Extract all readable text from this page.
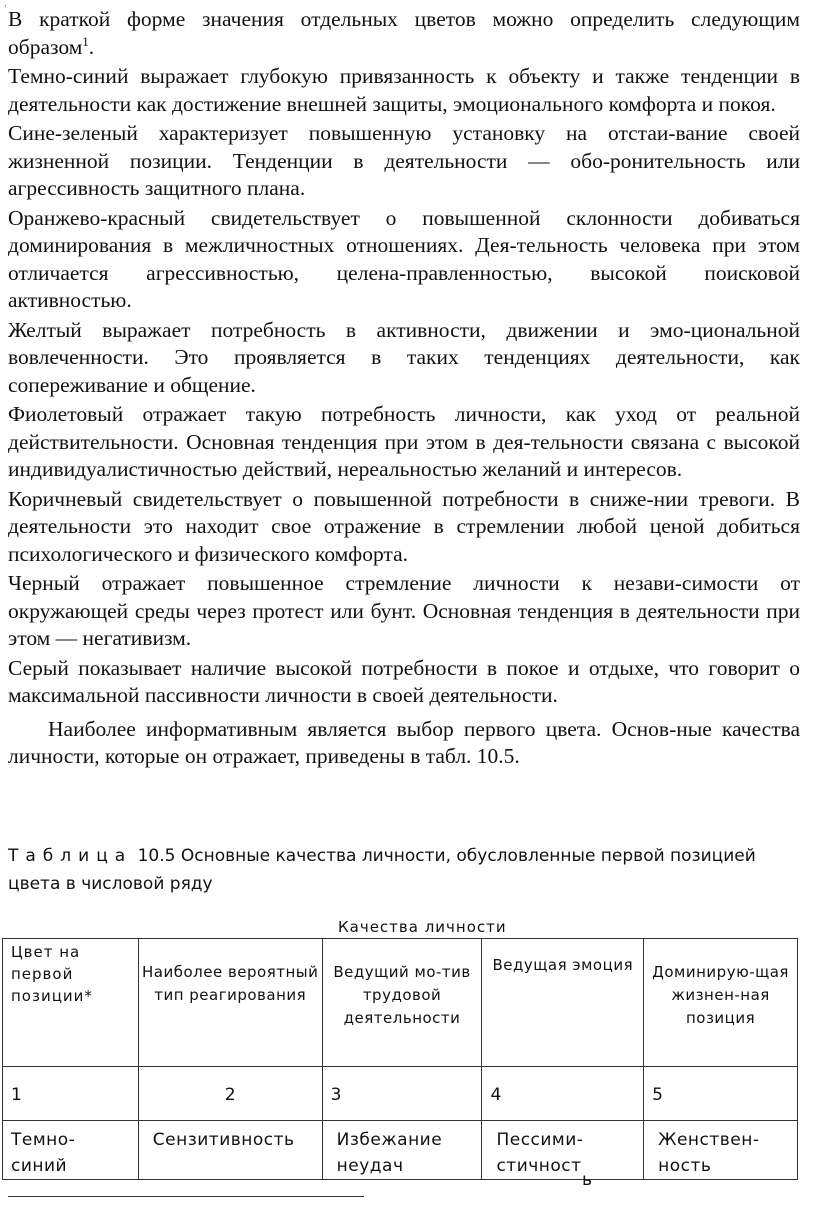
· В краткой форме значения отдельных цветов можно определить следующим образом$^1$.

Темно-синий выражает глубокую привязанность к объекту и также тенденции в деятельности как достижение внешней защиты, эмоционального комфорта и покоя.

Сине-зеленый характеризует повышенную установку на отстаи-вание своей жизненной позиции. Тенденции в деятельности — обо-ронительность или агрессивность защитного плана.

Оранжево-красный свидетельствует о повышенной склонности добиваться доминирования в межличностных отношениях. Дея-тельность человека при этом отличается агрессивностью, целена-правленностью, высокой поисковой активностью.

Желтый выражает потребность в активности, движении и эмо-циональной вовлеченности. Это проявляется в таких тенденциях деятельности, как сопереживание и общение.

Фиолетовый отражает такую потребность личности, как уход от реальной действительности. Основная тенденция при этом в дея-тельности связана с высокой индивидуалистичностью действий, нереальностью желаний и интересов.

Коричневый свидетельствует о повышенной потребности в сниже-нии тревоги. В деятельности это находит свое отражение в стремлении любой ценой добиться психологического и физического комфорта.

Черный отражает повышенное стремление личности к незави-симости от окружающей среды через протест или бунт. Основная тенденция в деятельности при этом — негативизм.

Серый показывает наличие высокой потребности в покое и отдыхе, что говорит о максимальной пассивности личности в своей деятельности.

Наиболее информативным является выбор первого цвета. Основ-ные качества личности, которые он отражает, приведены в табл. 10.5.

Таблица 10.5 Основные качества личности, обусловленные первой позицией цвета в числовой ряду
Качества личности
Цвет на первой позиции*	Наиболее вероятный тип реагирования	Ведущий мо-тив трудовой деятельности	Ведущая эмоция	Доминирую-щая жизнен-ная позиция
1	2	3	4	5
Темно-синий	Сензитивность	Избежание неудач	Пессими-стичност	Женствен-ность
ь
